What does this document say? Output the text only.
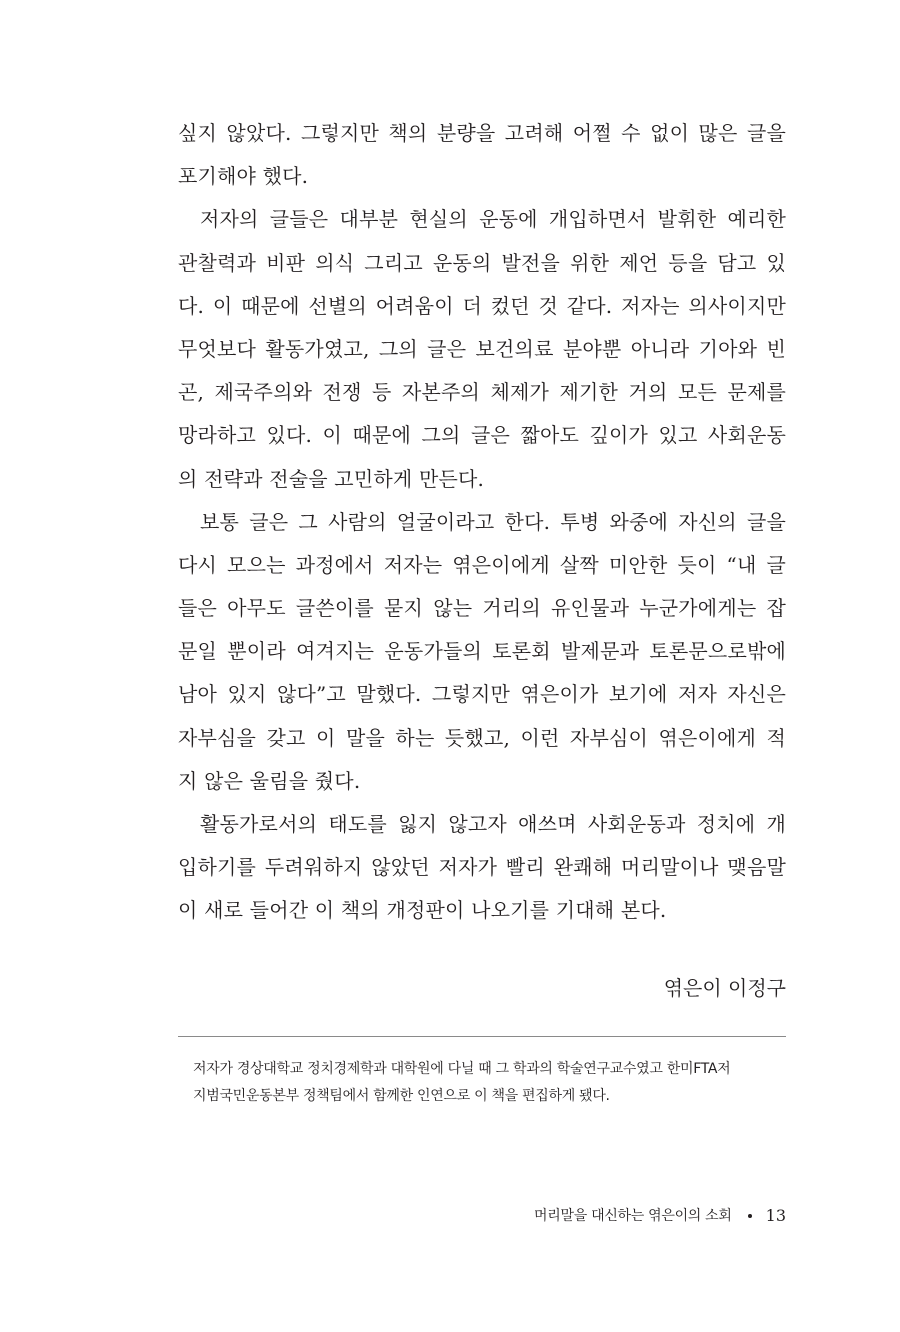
싶지 않았다. 그렇지만 책의 분량을 고려해 어쩔 수 없이 많은 글을
포기해야 했다.
저자의 글들은 대부분 현실의 운동에 개입하면서 발휘한 예리한
관찰력과 비판 의식 그리고 운동의 발전을 위한 제언 등을 담고 있
다. 이 때문에 선별의 어려움이 더 컸던 것 같다. 저자는 의사이지만
무엇보다 활동가였고, 그의 글은 보건의료 분야뿐 아니라 기아와 빈
곤, 제국주의와 전쟁 등 자본주의 체제가 제기한 거의 모든 문제를
망라하고 있다. 이 때문에 그의 글은 짧아도 깊이가 있고 사회운동
의 전략과 전술을 고민하게 만든다.
보통 글은 그 사람의 얼굴이라고 한다. 투병 와중에 자신의 글을
다시 모으는 과정에서 저자는 엮은이에게 살짝 미안한 듯이 “내 글
들은 아무도 글쓴이를 묻지 않는 거리의 유인물과 누군가에게는 잡
문일 뿐이라 여겨지는 운동가들의 토론회 발제문과 토론문으로밖에
남아 있지 않다”고 말했다. 그렇지만 엮은이가 보기에 저자 자신은
자부심을 갖고 이 말을 하는 듯했고, 이런 자부심이 엮은이에게 적
지 않은 울림을 줬다.
활동가로서의 태도를 잃지 않고자 애쓰며 사회운동과 정치에 개
입하기를 두려워하지 않았던 저자가 빨리 완쾌해 머리말이나 맺음말
이 새로 들어간 이 책의 개정판이 나오기를 기대해 본다.
엮은이 이정구
저자가 경상대학교 정치경제학과 대학원에 다닐 때 그 학과의 학술연구교수였고 한미FTA저
지범국민운동본부 정책팀에서 함께한 인연으로 이 책을 편집하게 됐다.
머리말을 대신하는 엮은이의 소회 13
